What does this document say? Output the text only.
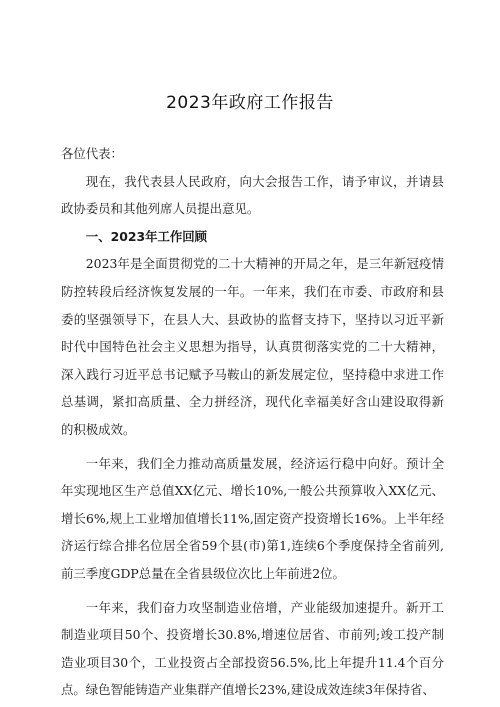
2023年政府工作报告

各位代表：

现在，我代表县人民政府，向大会报告工作，请予审议，并请县政协委员和其他列席人员提出意见。

一、2023年工作回顾

2023年是全面贯彻党的二十大精神的开局之年，是三年新冠疫情防控转段后经济恢复发展的一年。一年来，我们在市委、市政府和县委的坚强领导下，在县人大、县政协的监督支持下，坚持以习近平新时代中国特色社会主义思想为指导，认真贯彻落实党的二十大精神，深入践行习近平总书记赋予马鞍山的新发展定位，坚持稳中求进工作总基调，紧扣高质量、全力拼经济，现代化幸福美好含山建设取得新的积极成效。

一年来，我们全力推动高质量发展，经济运行稳中向好。预计全年实现地区生产总值XX亿元、增长10%,一般公共预算收入XX亿元、增长6%,规上工业增加值增长11%,固定资产投资增长16%。上半年经济运行综合排名位居全省59个县(市)第1,连续6个季度保持全省前列,前三季度GDP总量在全省县级位次比上年前进2位。

一年来，我们奋力攻坚制造业倍增，产业能级加速提升。新开工制造业项目50个、投资增长30.8%,增速位居省、市前列;竣工投产制造业项目30个，工业投资占全部投资56.5%,比上年提升11.4个百分点。绿色智能铸造产业集群产值增长23%,建设成效连续3年保持省、
